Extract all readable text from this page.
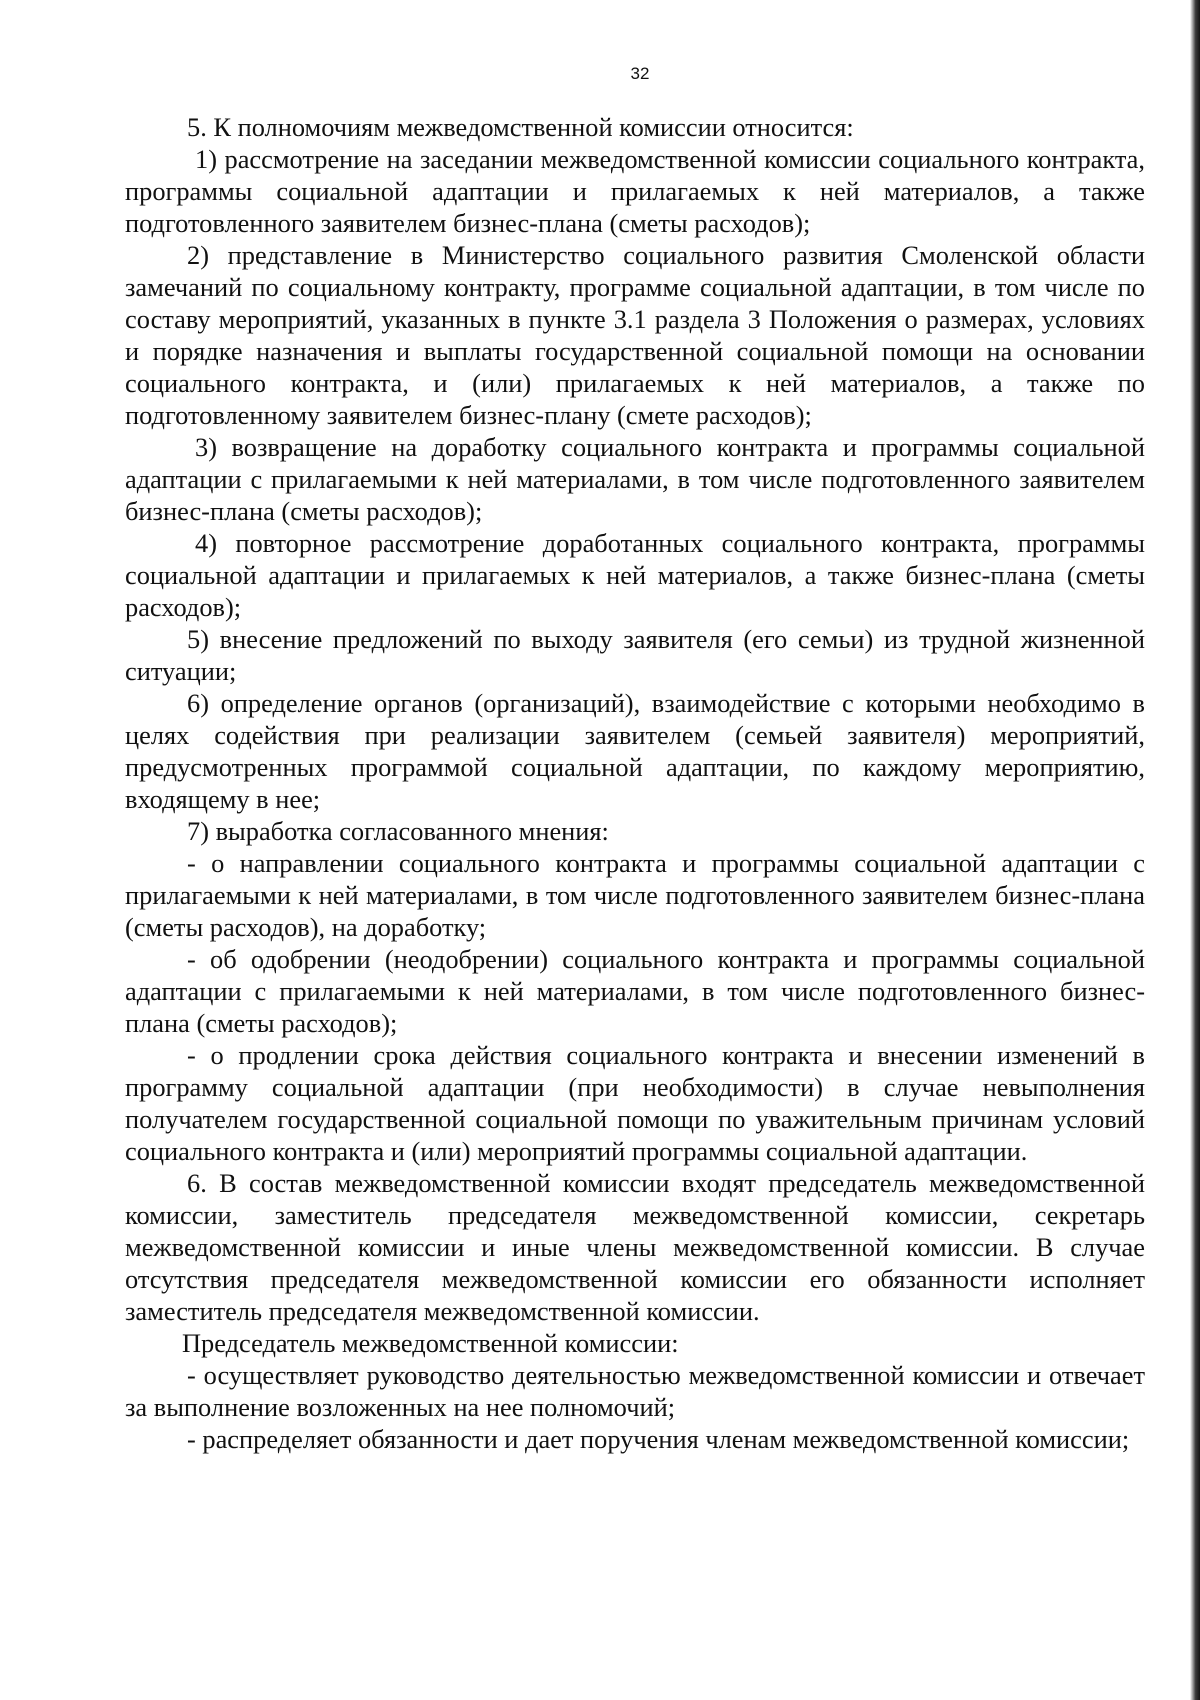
32

5. К полномочиям межведомственной комиссии относится:

1) рассмотрение на заседании межведомственной комиссии социального контракта, программы социальной адаптации и прилагаемых к ней материалов, а также подготовленного заявителем бизнес-плана (сметы расходов);

2) представление в Министерство социального развития Смоленской области замечаний по социальному контракту, программе социальной адаптации, в том числе по составу мероприятий, указанных в пункте 3.1 раздела 3 Положения о размерах, условиях и порядке назначения и выплаты государственной социальной помощи на основании социального контракта, и (или) прилагаемых к ней материалов, а также по подготовленному заявителем бизнес-плану (смете расходов);

3) возвращение на доработку социального контракта и программы социальной адаптации с прилагаемыми к ней материалами, в том числе подготовленного заявителем бизнес-плана (сметы расходов);

4) повторное рассмотрение доработанных социального контракта, программы социальной адаптации и прилагаемых к ней материалов, а также бизнес-плана (сметы расходов);

5) внесение предложений по выходу заявителя (его семьи) из трудной жизненной ситуации;

6) определение органов (организаций), взаимодействие с которыми необходимо в целях содействия при реализации заявителем (семьей заявителя) мероприятий, предусмотренных программой социальной адаптации, по каждому мероприятию, входящему в нее;

7) выработка согласованного мнения:

- о направлении социального контракта и программы социальной адаптации с прилагаемыми к ней материалами, в том числе подготовленного заявителем бизнес-плана (сметы расходов), на доработку;

- об одобрении (неодобрении) социального контракта и программы социальной адаптации с прилагаемыми к ней материалами, в том числе подготовленного бизнес-плана (сметы расходов);

- о продлении срока действия социального контракта и внесении изменений в программу социальной адаптации (при необходимости) в случае невыполнения получателем государственной социальной помощи по уважительным причинам условий социального контракта и (или) мероприятий программы социальной адаптации.

6. В состав межведомственной комиссии входят председатель межведомственной комиссии, заместитель председателя межведомственной комиссии, секретарь межведомственной комиссии и иные члены межведомственной комиссии. В случае отсутствия председателя межведомственной комиссии его обязанности исполняет заместитель председателя межведомственной комиссии.

Председатель межведомственной комиссии:

- осуществляет руководство деятельностью межведомственной комиссии и отвечает за выполнение возложенных на нее полномочий;

- распределяет обязанности и дает поручения членам межведомственной комиссии;
